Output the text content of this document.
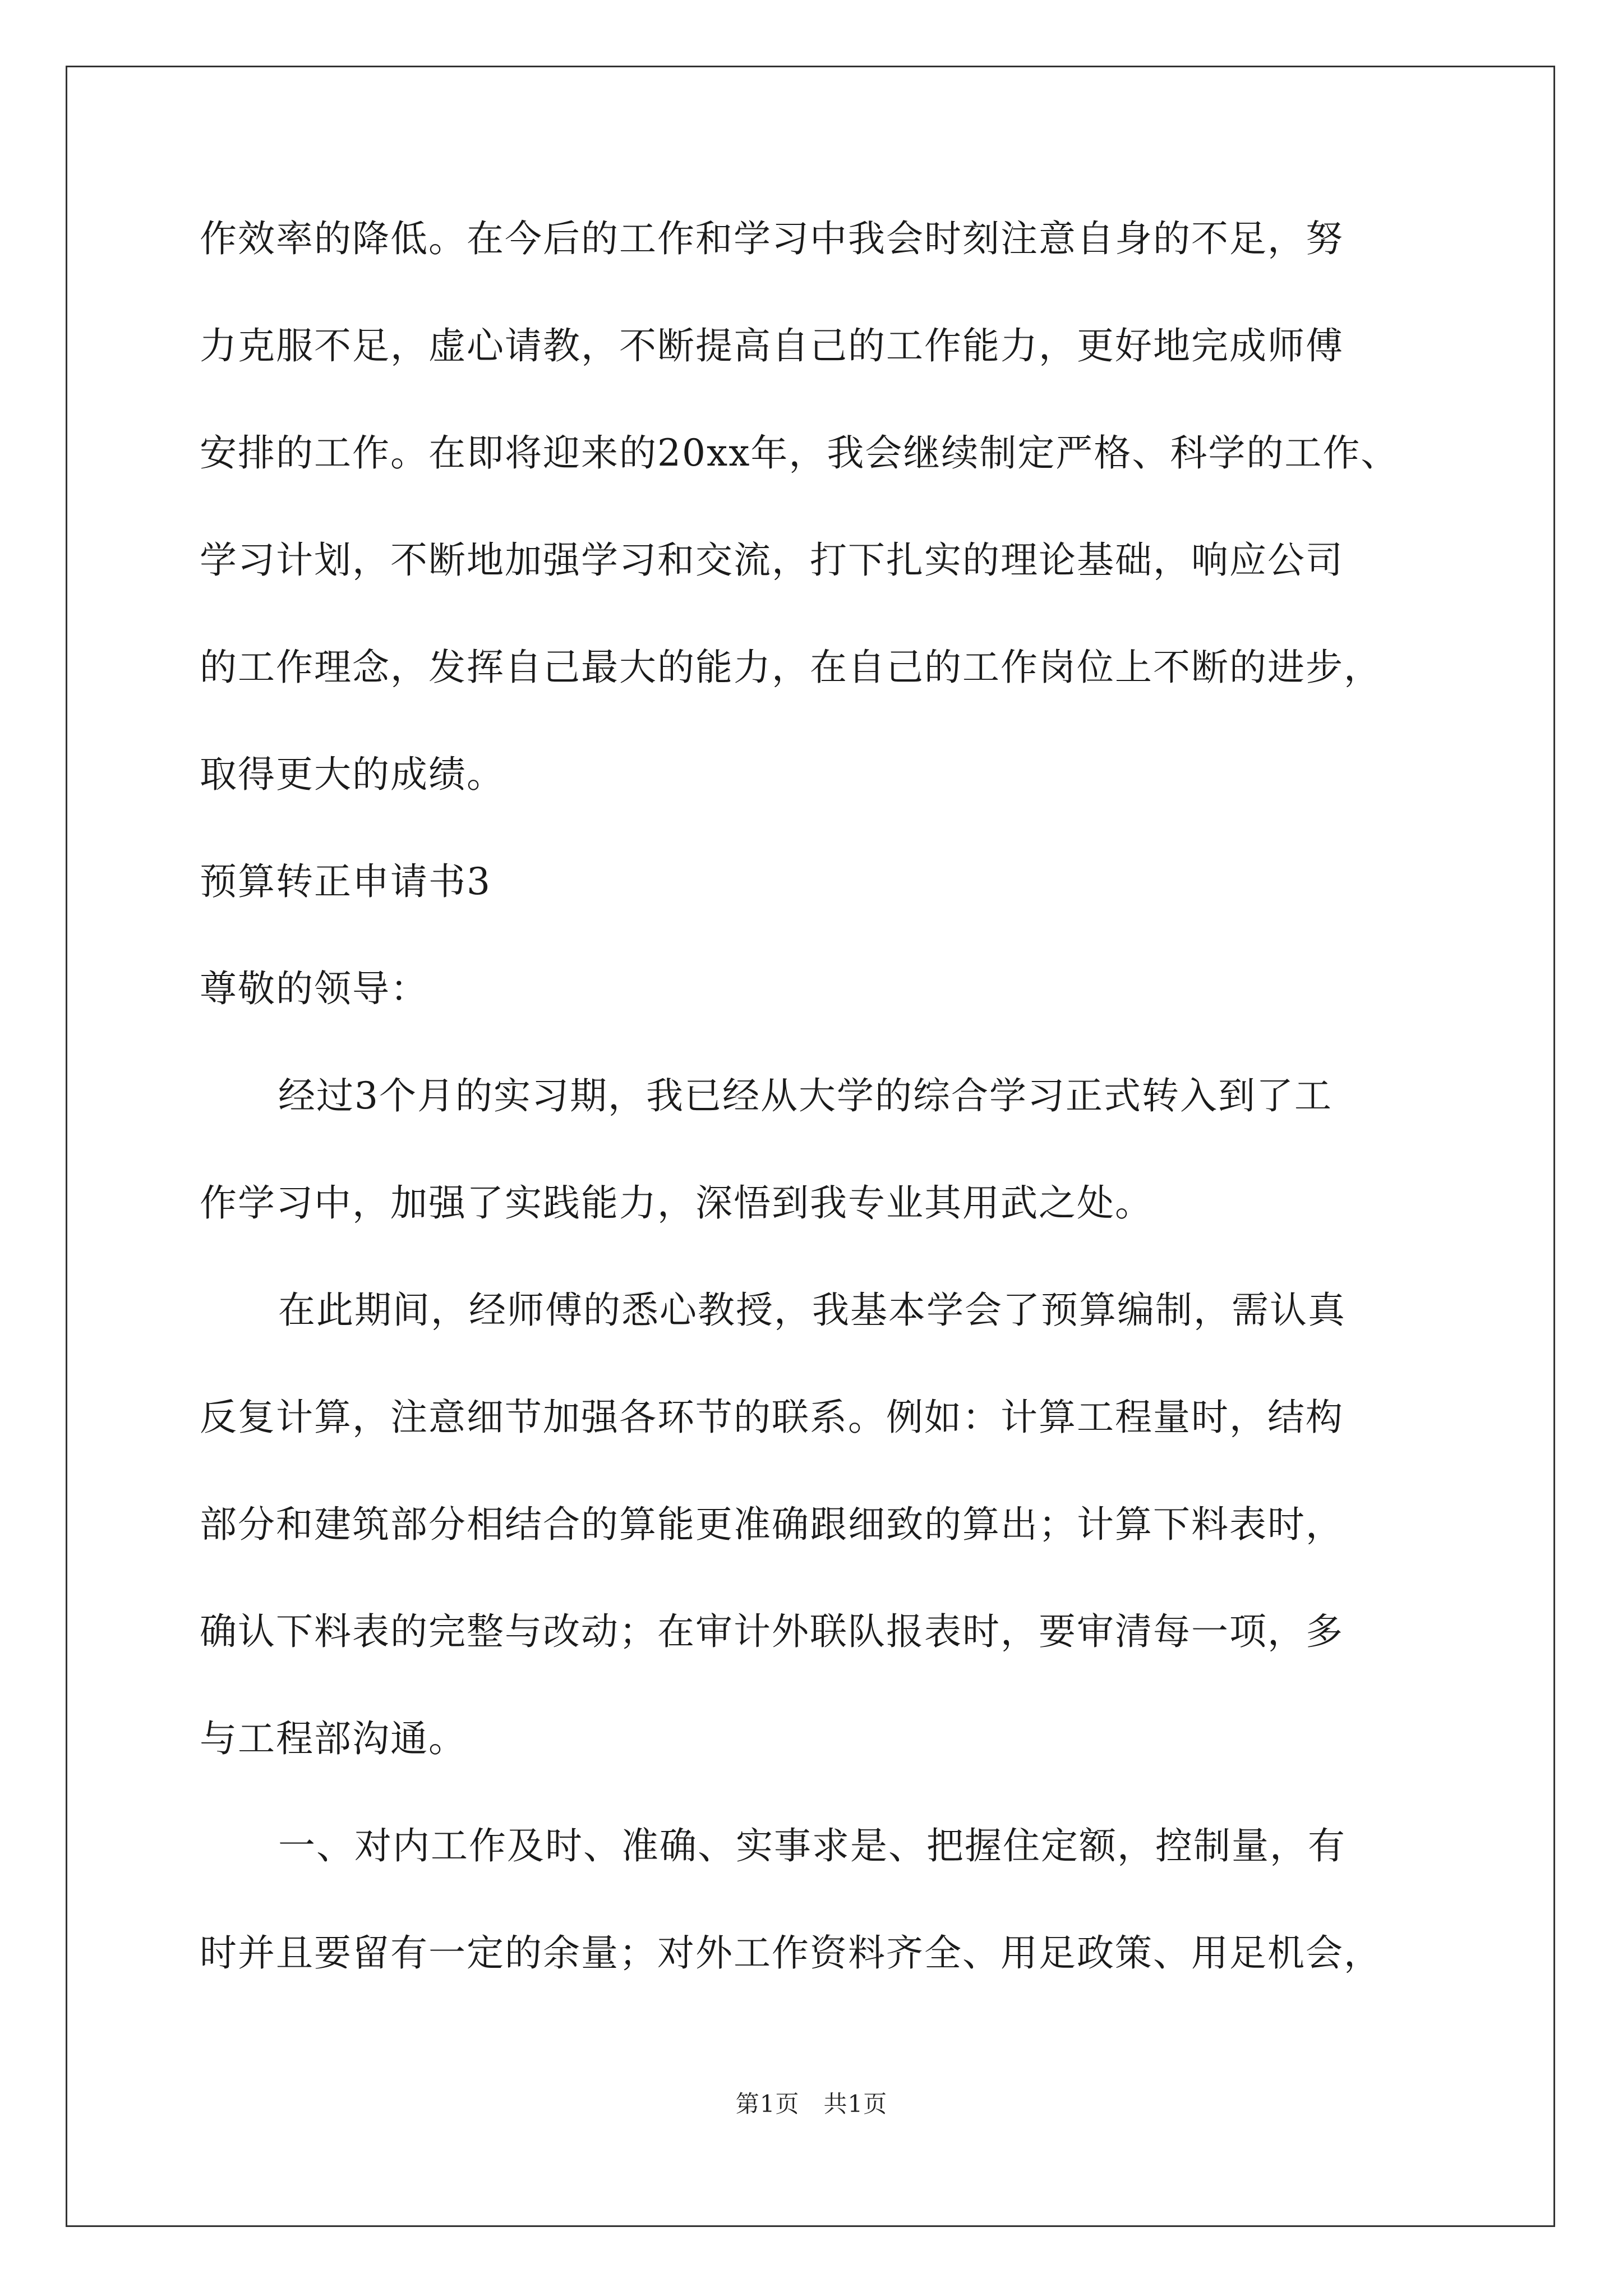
作效率的降低。在今后的工作和学习中我会时刻注意自身的不足，努
力克服不足，虚心请教，不断提高自己的工作能力，更好地完成师傅
安排的工作。在即将迎来的20xx年，我会继续制定严格、科学的工作、
学习计划，不断地加强学习和交流，打下扎实的理论基础，响应公司
的工作理念，发挥自己最大的能力，在自己的工作岗位上不断的进步，
取得更大的成绩。
预算转正申请书3
尊敬的领导：
经过3个月的实习期，我已经从大学的综合学习正式转入到了工
作学习中，加强了实践能力，深悟到我专业其用武之处。
在此期间，经师傅的悉心教授，我基本学会了预算编制，需认真
反复计算，注意细节加强各环节的联系。例如：计算工程量时，结构
部分和建筑部分相结合的算能更准确跟细致的算出；计算下料表时，
确认下料表的完整与改动；在审计外联队报表时，要审清每一项，多
与工程部沟通。
一、对内工作及时、准确、实事求是、把握住定额，控制量，有
时并且要留有一定的余量；对外工作资料齐全、用足政策、用足机会，
第1页　共1页
